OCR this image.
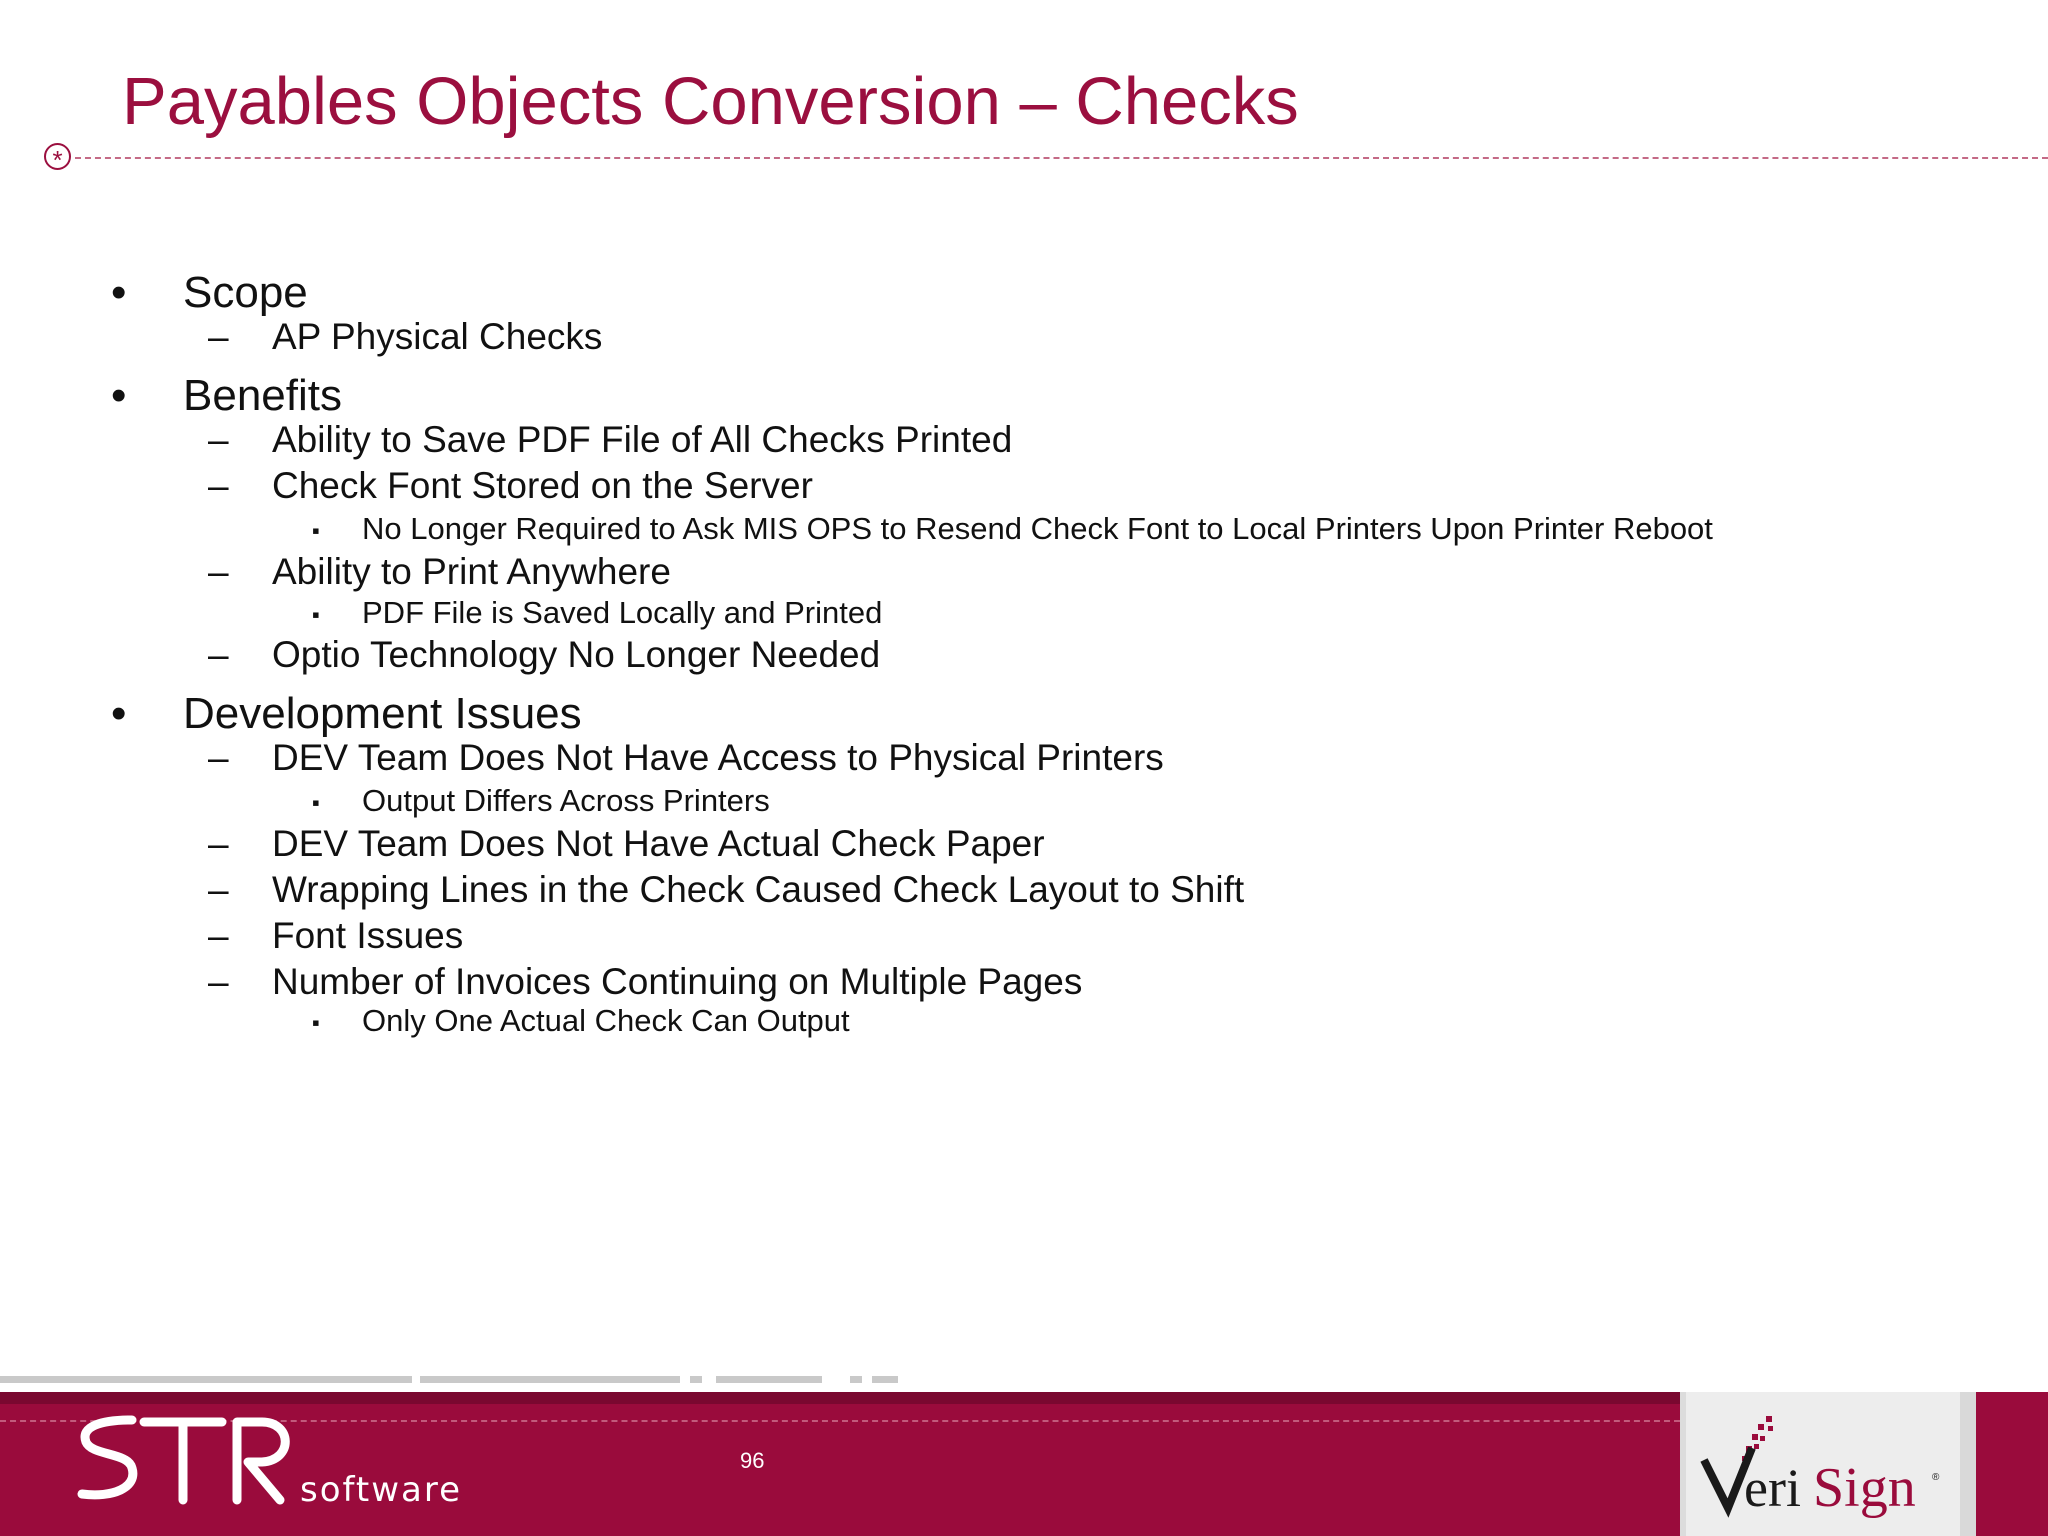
Payables Objects Conversion – Checks
*
• Scope
– AP Physical Checks
• Benefits
– Ability to Save PDF File of All Checks Printed
– Check Font Stored on the Server
▪ No Longer Required to Ask MIS OPS to Resend Check Font to Local Printers Upon Printer Reboot
– Ability to Print Anywhere
▪ PDF File is Saved Locally and Printed
– Optio Technology No Longer Needed
• Development Issues
– DEV Team Does Not Have Access to Physical Printers
▪ Output Differs Across Printers
– DEV Team Does Not Have Actual Check Paper
– Wrapping Lines in the Check Caused Check Layout to Shift
– Font Issues
– Number of Invoices Continuing on Multiple Pages
▪ Only One Actual Check Can Output
software
96	eri Sign ®
